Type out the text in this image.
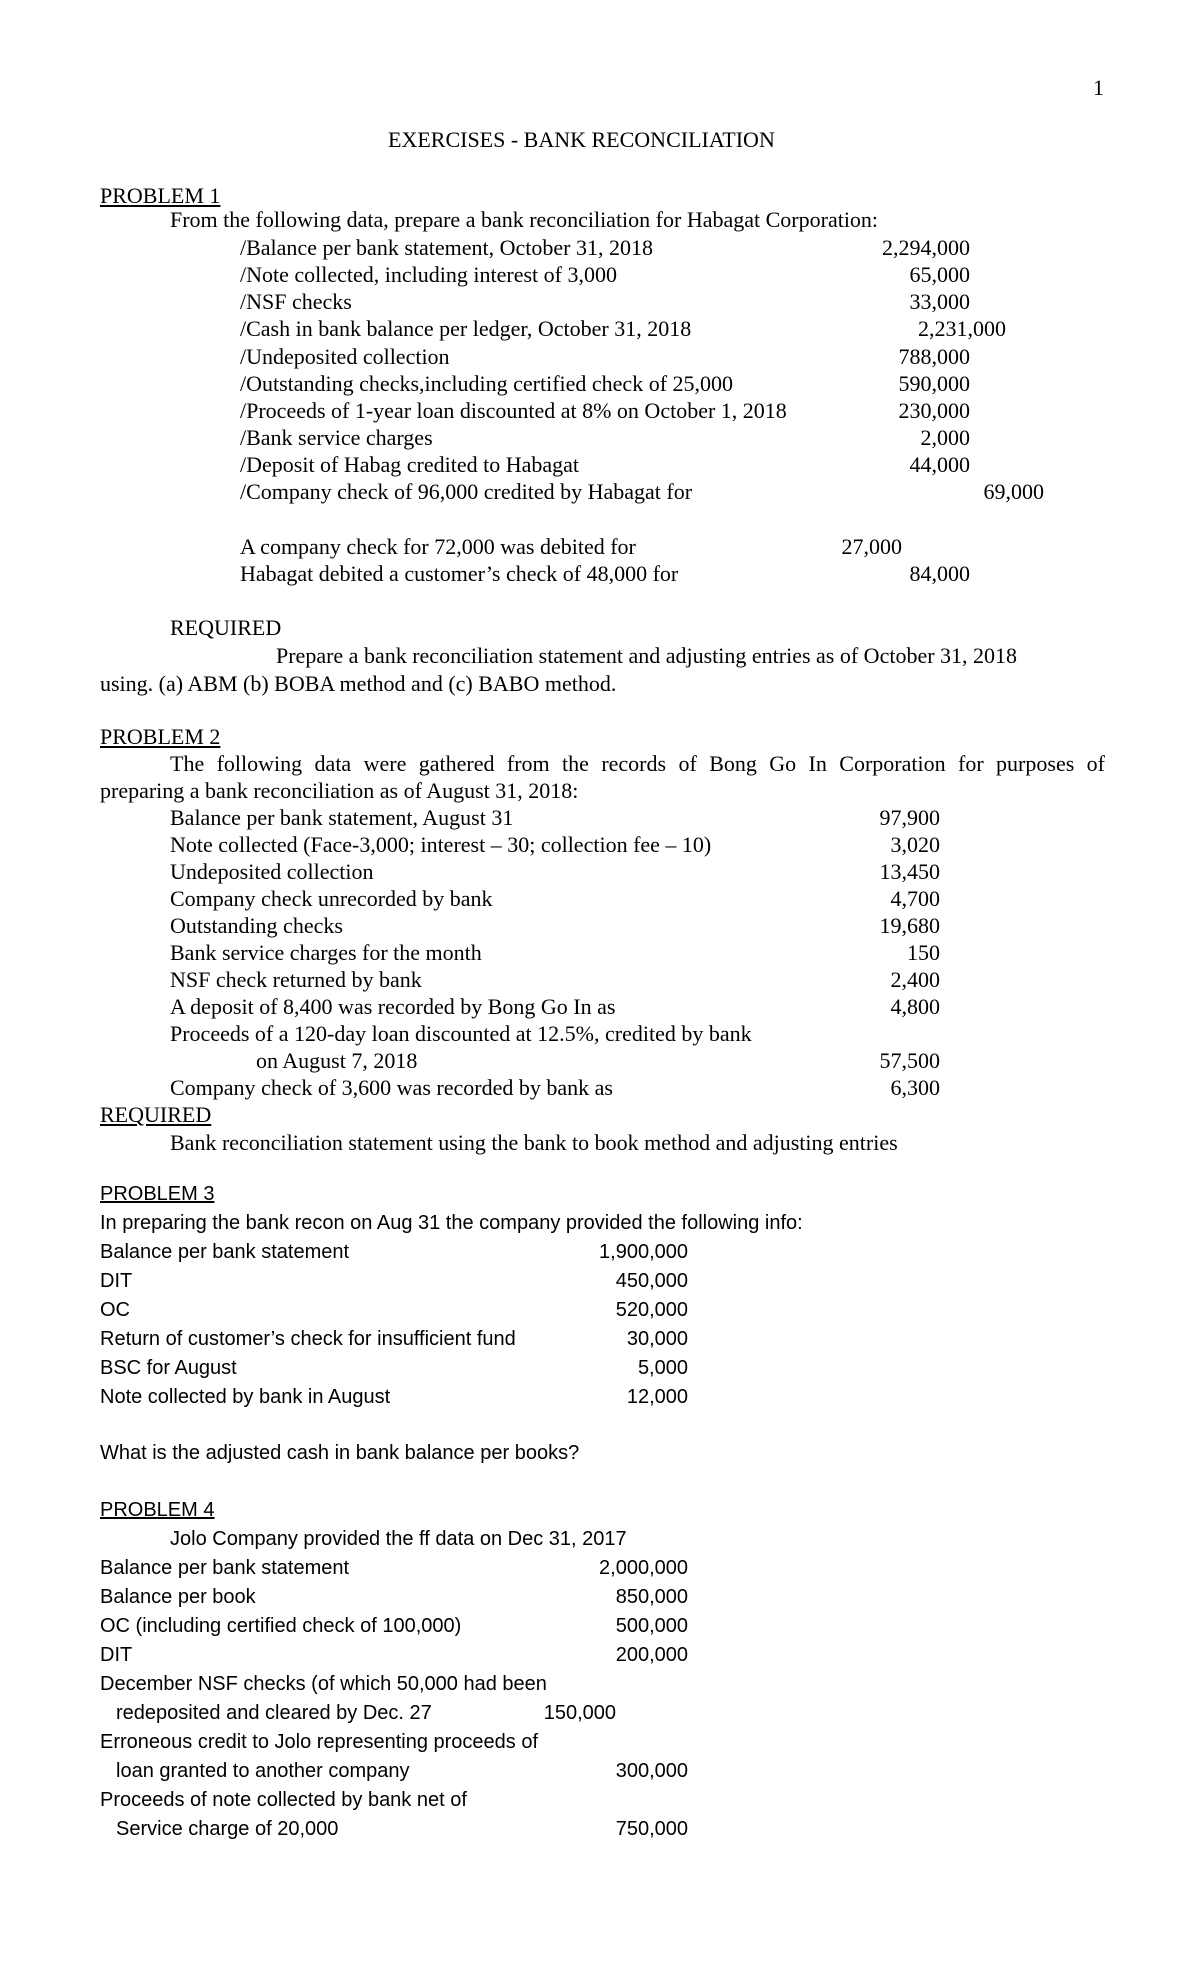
1
EXERCISES - BANK RECONCILIATION
PROBLEM 1
From the following data, prepare a bank reconciliation for Habagat Corporation:
/Balance per bank statement, October 31, 2018	2,294,000
/Note collected, including interest of 3,000	65,000
/NSF checks	33,000
/Cash in bank balance per ledger, October 31, 2018	2,231,000
/Undeposited collection	788,000
/Outstanding checks,including certified check of 25,000	590,000
/Proceeds of 1-year loan discounted at 8% on October 1, 2018	230,000
/Bank service charges	2,000
/Deposit of Habag credited to Habagat	44,000
/Company check of 96,000 credited by Habagat for	69,000
A company check for 72,000 was debited for	27,000
Habagat debited a customer’s check of 48,000 for	84,000
REQUIRED
Prepare a bank reconciliation statement and adjusting entries as of October 31, 2018
using. (a) ABM (b) BOBA method and (c) BABO method.
PROBLEM 2
The following data were gathered from the records of Bong Go In Corporation for purposes of
preparing a bank reconciliation as of August 31, 2018:
Balance per bank statement, August 31	97,900
Note collected (Face-3,000; interest – 30; collection fee – 10)	3,020
Undeposited collection	13,450
Company check unrecorded by bank	4,700
Outstanding checks	19,680
Bank service charges for the month	150
NSF check returned by bank	2,400
A deposit of 8,400 was recorded by Bong Go In as	4,800
Proceeds of a 120-day loan discounted at 12.5%, credited by bank
on August 7, 2018	57,500
Company check of 3,600 was recorded by bank as	6,300
REQUIRED
Bank reconciliation statement using the bank to book method and adjusting entries
PROBLEM 3
In preparing the bank recon on Aug 31 the company provided the following info:
Balance per bank statement	1,900,000
DIT	450,000
OC	520,000
Return of customer’s check for insufficient fund	30,000
BSC for August	5,000
Note collected by bank in August	12,000
What is the adjusted cash in bank balance per books?
PROBLEM 4
Jolo Company provided the ff data on Dec 31, 2017
Balance per bank statement	2,000,000
Balance per book	850,000
OC (including certified check of 100,000)	500,000
DIT	200,000
December NSF checks (of which 50,000 had been
redeposited and cleared by Dec. 27	150,000
Erroneous credit to Jolo representing proceeds of
loan granted to another company	300,000
Proceeds of note collected by bank net of
Service charge of 20,000	750,000
